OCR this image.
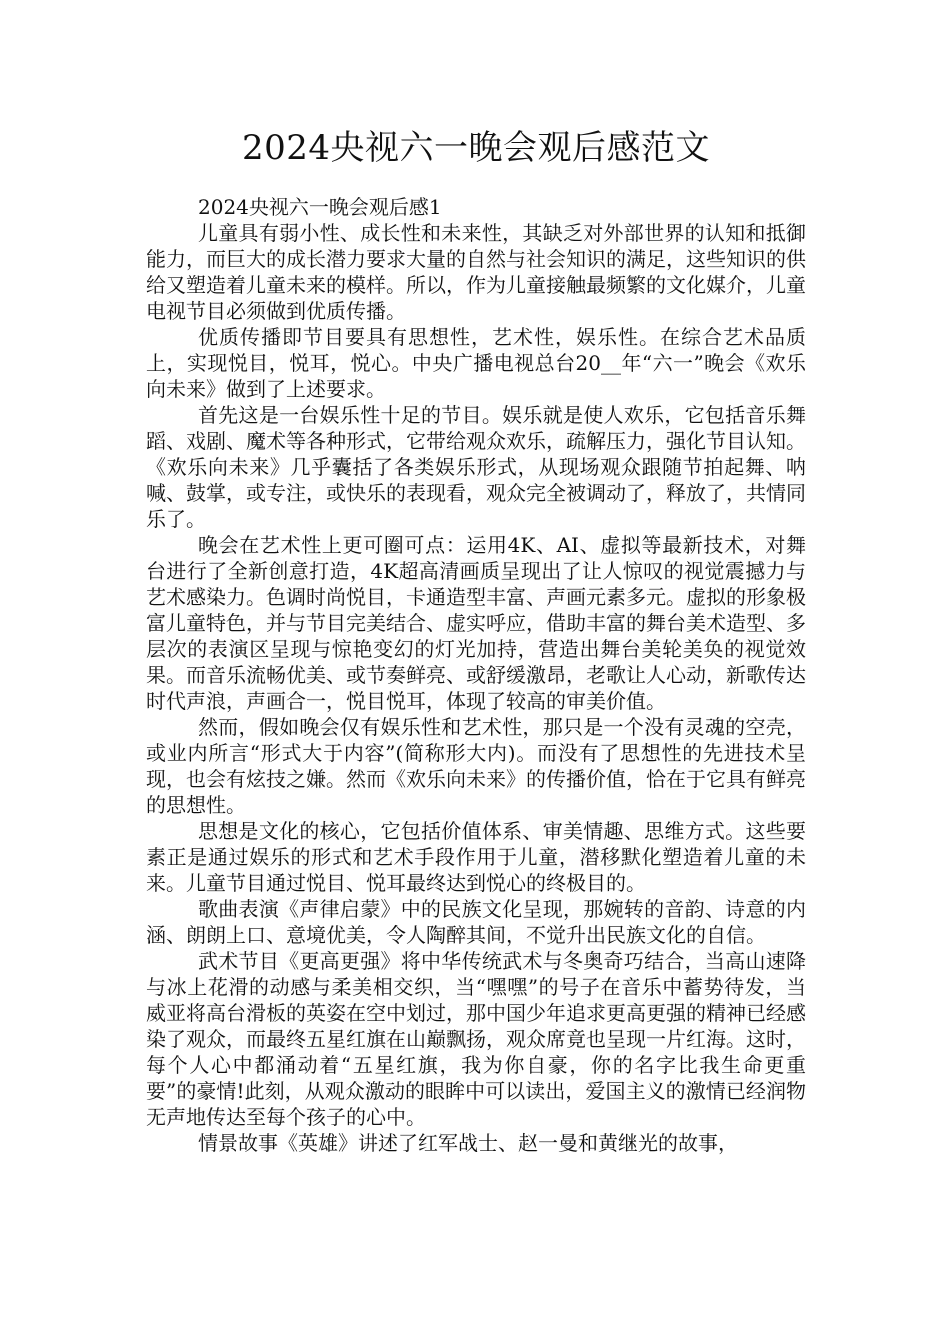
2024央视六一晚会观后感范文

2024央视六一晚会观后感1

儿童具有弱小性、成长性和未来性，其缺乏对外部世界的认知和抵御能力，而巨大的成长潜力要求大量的自然与社会知识的满足，这些知识的供给又塑造着儿童未来的模样。所以，作为儿童接触最频繁的文化媒介，儿童电视节目必须做到优质传播。

优质传播即节目要具有思想性，艺术性，娱乐性。在综合艺术品质上，实现悦目，悦耳，悦心。中央广播电视总台20__年“六一”晚会《欢乐向未来》做到了上述要求。

首先这是一台娱乐性十足的节目。娱乐就是使人欢乐，它包括音乐舞蹈、戏剧、魔术等各种形式，它带给观众欢乐，疏解压力，强化节目认知。《欢乐向未来》几乎囊括了各类娱乐形式，从现场观众跟随节拍起舞、呐喊、鼓掌，或专注，或快乐的表现看，观众完全被调动了，释放了，共情同乐了。

晚会在艺术性上更可圈可点：运用4K、AI、虚拟等最新技术，对舞台进行了全新创意打造，4K超高清画质呈现出了让人惊叹的视觉震撼力与艺术感染力。色调时尚悦目，卡通造型丰富、声画元素多元。虚拟的形象极富儿童特色，并与节目完美结合、虚实呼应，借助丰富的舞台美术造型、多层次的表演区呈现与惊艳变幻的灯光加持，营造出舞台美轮美奂的视觉效果。而音乐流畅优美、或节奏鲜亮、或舒缓激昂，老歌让人心动，新歌传达时代声浪，声画合一，悦目悦耳，体现了较高的审美价值。

然而，假如晚会仅有娱乐性和艺术性，那只是一个没有灵魂的空壳，或业内所言“形式大于内容”(简称形大内)。而没有了思想性的先进技术呈现，也会有炫技之嫌。然而《欢乐向未来》的传播价值，恰在于它具有鲜亮的思想性。

思想是文化的核心，它包括价值体系、审美情趣、思维方式。这些要素正是通过娱乐的形式和艺术手段作用于儿童，潜移默化塑造着儿童的未来。儿童节目通过悦目、悦耳最终达到悦心的终极目的。

歌曲表演《声律启蒙》中的民族文化呈现，那婉转的音韵、诗意的内涵、朗朗上口、意境优美，令人陶醉其间，不觉升出民族文化的自信。

武术节目《更高更强》将中华传统武术与冬奥奇巧结合，当高山速降与冰上花滑的动感与柔美相交织，当“嘿嘿”的号子在音乐中蓄势待发，当威亚将高台滑板的英姿在空中划过，那中国少年追求更高更强的精神已经感染了观众，而最终五星红旗在山巅飘扬，观众席竟也呈现一片红海。这时，每个人心中都涌动着“五星红旗，我为你自豪，你的名字比我生命更重要”的豪情!此刻，从观众激动的眼眸中可以读出，爱国主义的激情已经润物无声地传达至每个孩子的心中。

情景故事《英雄》讲述了红军战士、赵一曼和黄继光的故事，
